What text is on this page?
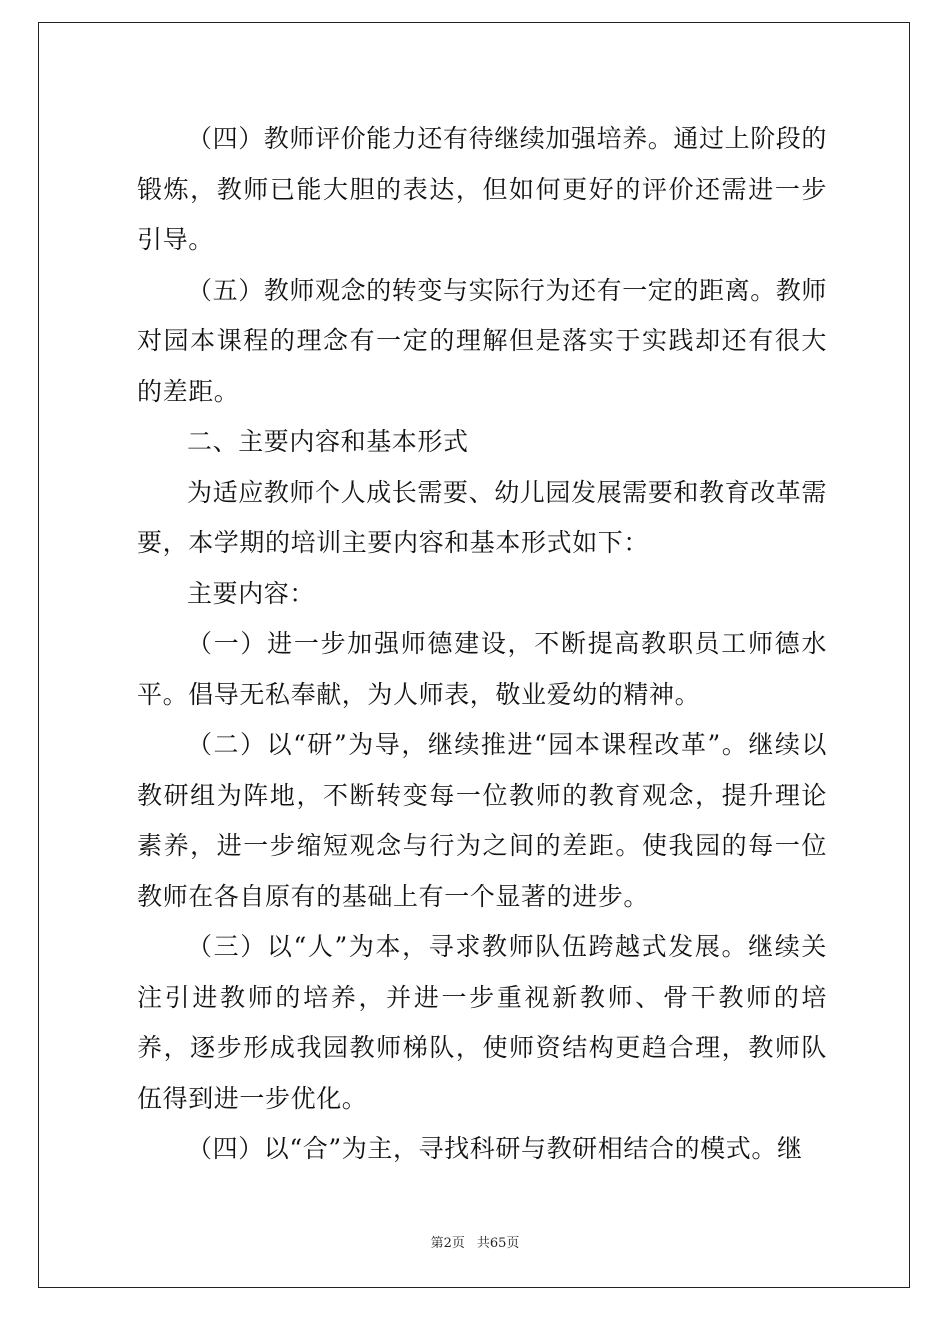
（四）教师评价能力还有待继续加强培养。通过上阶段的锻炼，教师已能大胆的表达，但如何更好的评价还需进一步引导。

（五）教师观念的转变与实际行为还有一定的距离。教师对园本课程的理念有一定的理解但是落实于实践却还有很大的差距。

二、主要内容和基本形式

为适应教师个人成长需要、幼儿园发展需要和教育改革需要，本学期的培训主要内容和基本形式如下：

主要内容：

（一）进一步加强师德建设，不断提高教职员工师德水平。倡导无私奉献，为人师表，敬业爱幼的精神。

（二）以“研”为导，继续推进“园本课程改革”。继续以教研组为阵地，不断转变每一位教师的教育观念，提升理论素养，进一步缩短观念与行为之间的差距。使我园的每一位教师在各自原有的基础上有一个显著的进步。

（三）以“人”为本，寻求教师队伍跨越式发展。继续关注引进教师的培养，并进一步重视新教师、骨干教师的培养，逐步形成我园教师梯队，使师资结构更趋合理，教师队伍得到进一步优化。

（四）以“合”为主，寻找科研与教研相结合的模式。继

第2页 共65页
